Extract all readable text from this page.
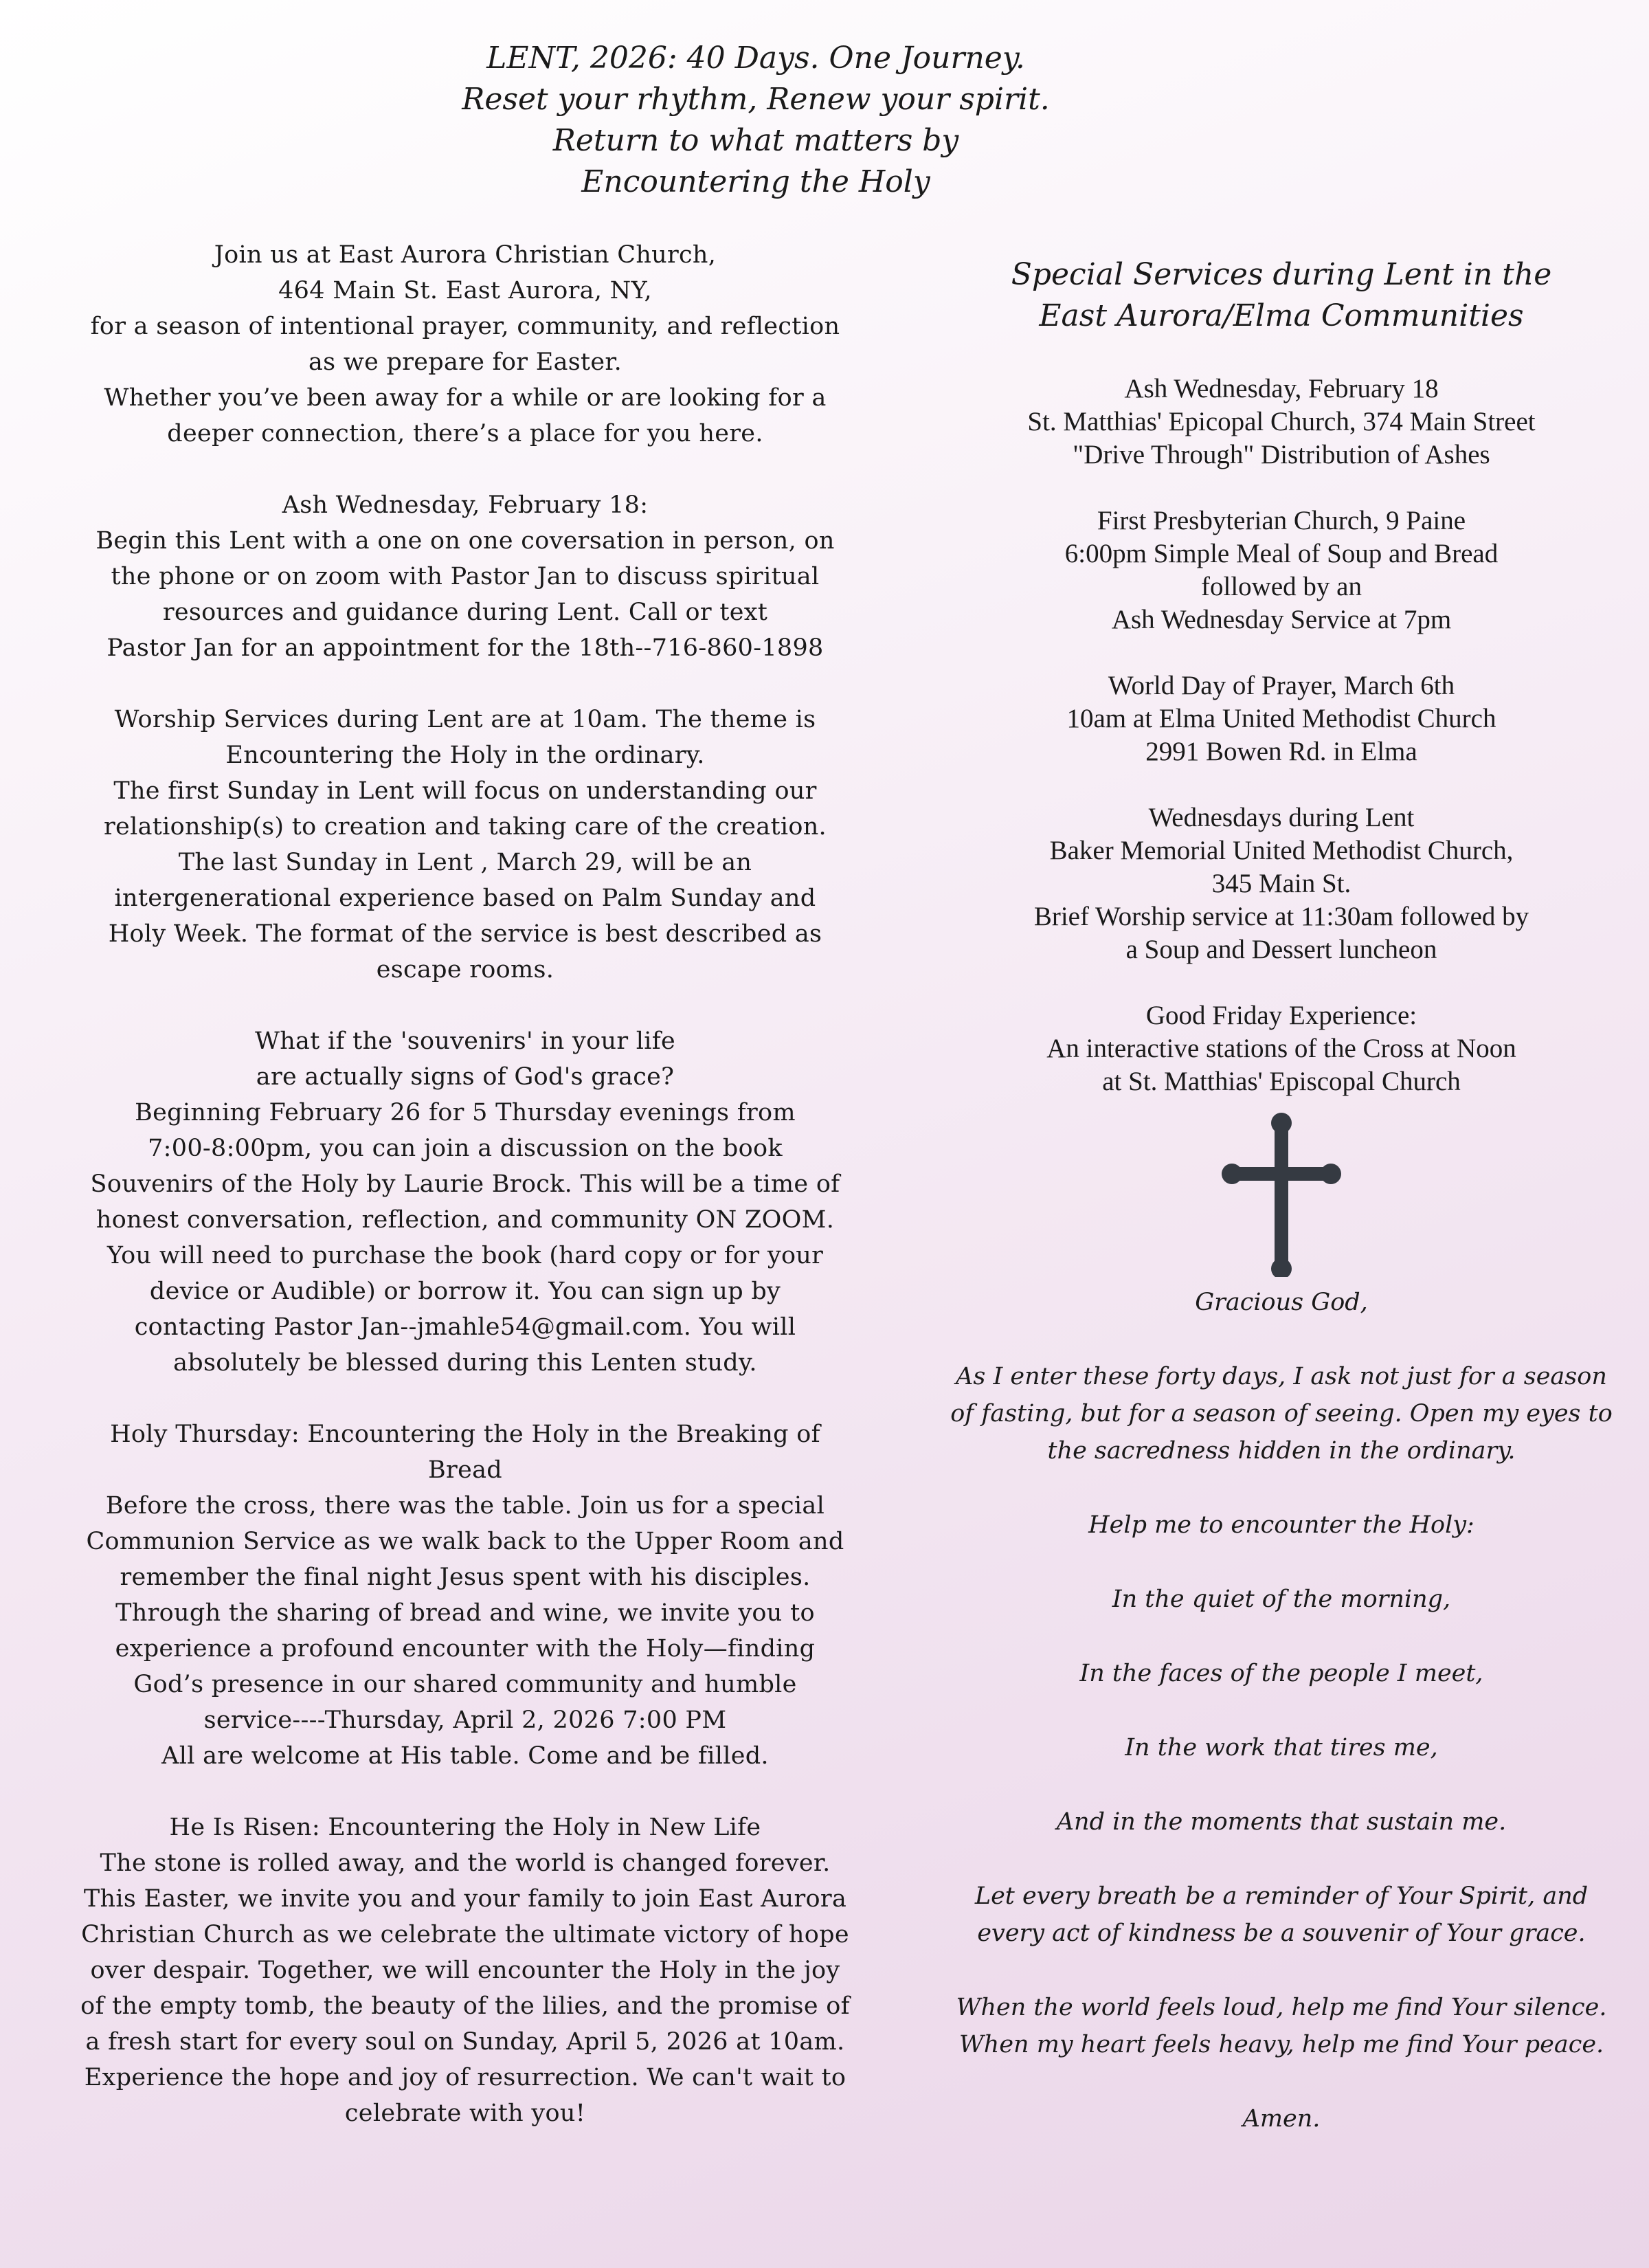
LENT, 2026: 40 Days. One Journey.
Reset your rhythm, Renew your spirit.
Return to what matters by
Encountering the Holy
Join us at East Aurora Christian Church,
464 Main St. East Aurora, NY,
for a season of intentional prayer, community, and reflection
as we prepare for Easter.
Whether you’ve been away for a while or are looking for a
deeper connection, there’s a place for you here.
Ash Wednesday, February 18:
Begin this Lent with a one on one coversation in person, on
the phone or on zoom with Pastor Jan to discuss spiritual
resources and guidance during Lent. Call or text
Pastor Jan for an appointment for the 18th--716-860-1898
Worship Services during Lent are at 10am. The theme is
Encountering the Holy in the ordinary.
The first Sunday in Lent will focus on understanding our
relationship(s) to creation and taking care of the creation.
The last Sunday in Lent , March 29, will be an
intergenerational experience based on Palm Sunday and
Holy Week. The format of the service is best described as
escape rooms.
What if the 'souvenirs' in your life
are actually signs of God's grace?
Beginning February 26 for 5 Thursday evenings from
7:00-8:00pm, you can join a discussion on the book
Souvenirs of the Holy by Laurie Brock. This will be a time of
honest conversation, reflection, and community ON ZOOM.
You will need to purchase the book (hard copy or for your
device or Audible) or borrow it. You can sign up by
contacting Pastor Jan--jmahle54@gmail.com. You will
absolutely be blessed during this Lenten study.
Holy Thursday: Encountering the Holy in the Breaking of
Bread
Before the cross, there was the table. Join us for a special
Communion Service as we walk back to the Upper Room and
remember the final night Jesus spent with his disciples.
Through the sharing of bread and wine, we invite you to
experience a profound encounter with the Holy—finding
God’s presence in our shared community and humble
service----Thursday, April 2, 2026 7:00 PM
All are welcome at His table. Come and be filled.
He Is Risen: Encountering the Holy in New Life
The stone is rolled away, and the world is changed forever.
This Easter, we invite you and your family to join East Aurora
Christian Church as we celebrate the ultimate victory of hope
over despair. Together, we will encounter the Holy in the joy
of the empty tomb, the beauty of the lilies, and the promise of
a fresh start for every soul on Sunday, April 5, 2026 at 10am.
Experience the hope and joy of resurrection. We can't wait to
celebrate with you!
Special Services during Lent in the
East Aurora/Elma Communities
Ash Wednesday, February 18
St. Matthias' Epicopal Church, 374 Main Street
"Drive Through" Distribution of Ashes
First Presbyterian Church, 9 Paine
6:00pm Simple Meal of Soup and Bread
followed by an
Ash Wednesday Service at 7pm
World Day of Prayer, March 6th
10am at Elma United Methodist Church
2991 Bowen Rd. in Elma
Wednesdays during Lent
Baker Memorial United Methodist Church,
345 Main St.
Brief Worship service at 11:30am followed by
a Soup and Dessert luncheon
Good Friday Experience:
An interactive stations of the Cross at Noon
at St. Matthias' Episcopal Church
Gracious God,
As I enter these forty days, I ask not just for a season
of fasting, but for a season of seeing. Open my eyes to
the sacredness hidden in the ordinary.
Help me to encounter the Holy:
In the quiet of the morning,
In the faces of the people I meet,
In the work that tires me,
And in the moments that sustain me.
Let every breath be a reminder of Your Spirit, and
every act of kindness be a souvenir of Your grace.
When the world feels loud, help me find Your silence.
When my heart feels heavy, help me find Your peace.
Amen.
